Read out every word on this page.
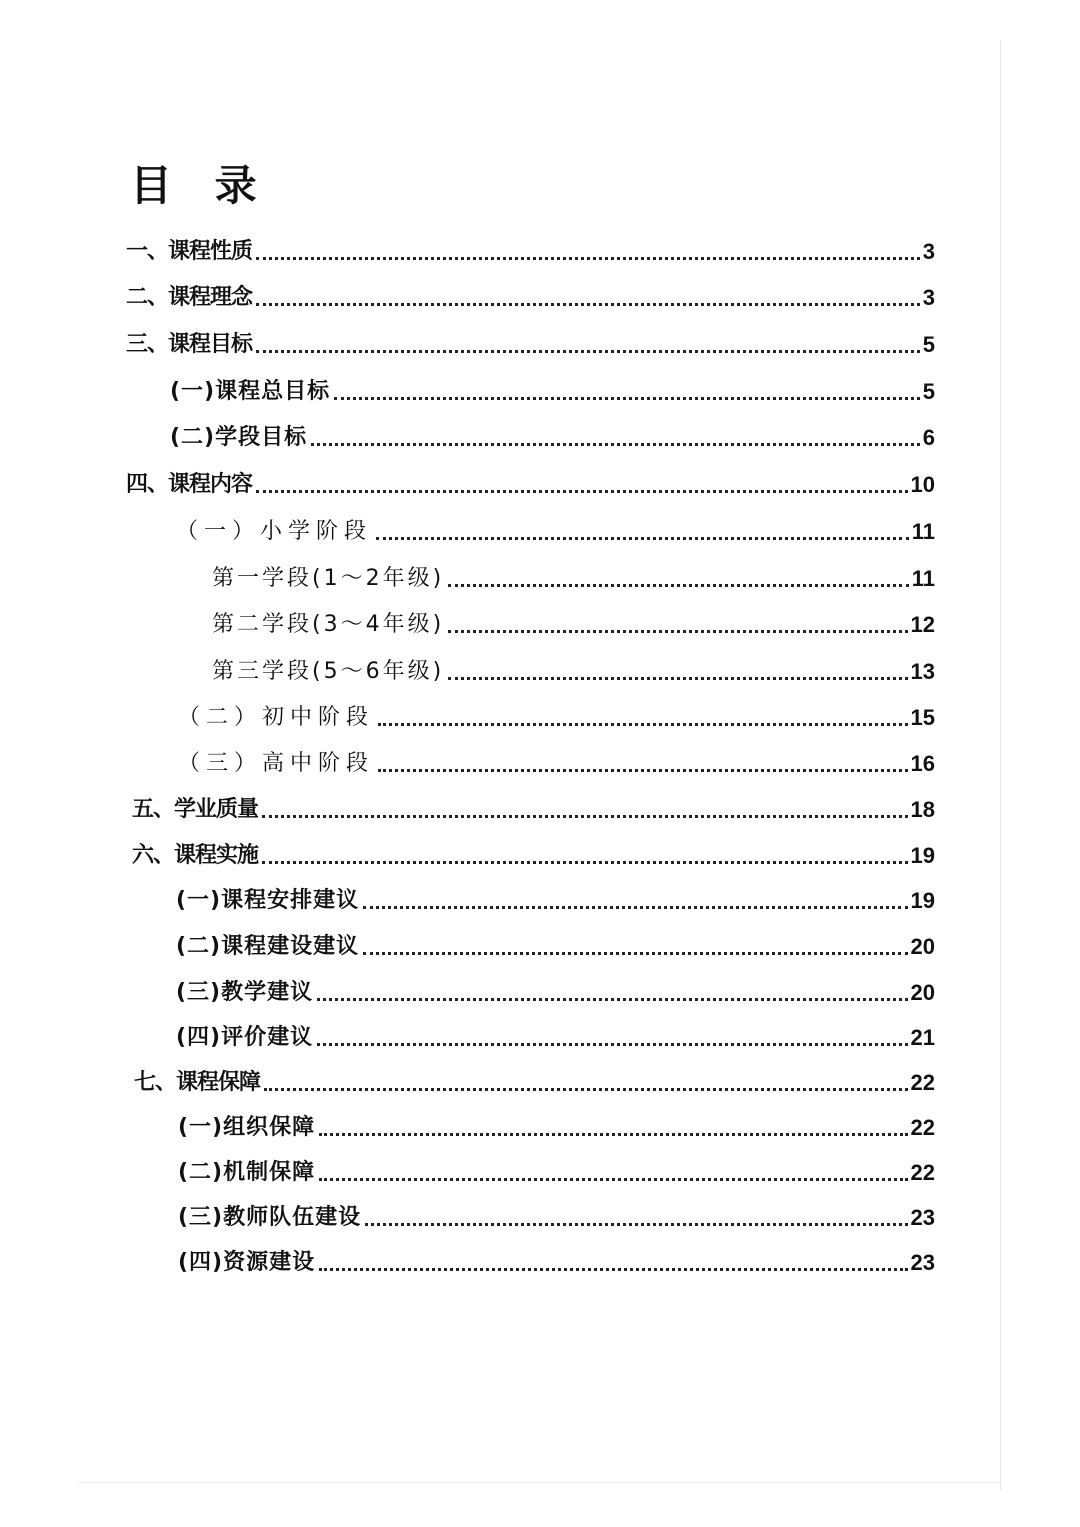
目 录
一、课程性质	3
二、课程理念	3
三、课程目标	5
(一)课程总目标	5
(二)学段目标	6
四、课程内容	10
（一）小学阶段	11
第一学段(1～2年级)	11
第二学段(3～4年级)	12
第三学段(5～6年级)	13
（二）初中阶段	15
（三）高中阶段	16
五、学业质量	18
六、课程实施	19
(一)课程安排建议	19
(二)课程建设建议	20
(三)教学建议	20
(四)评价建议	21
七、课程保障	22
(一)组织保障	22
(二)机制保障	22
(三)教师队伍建设	23
(四)资源建设	23
